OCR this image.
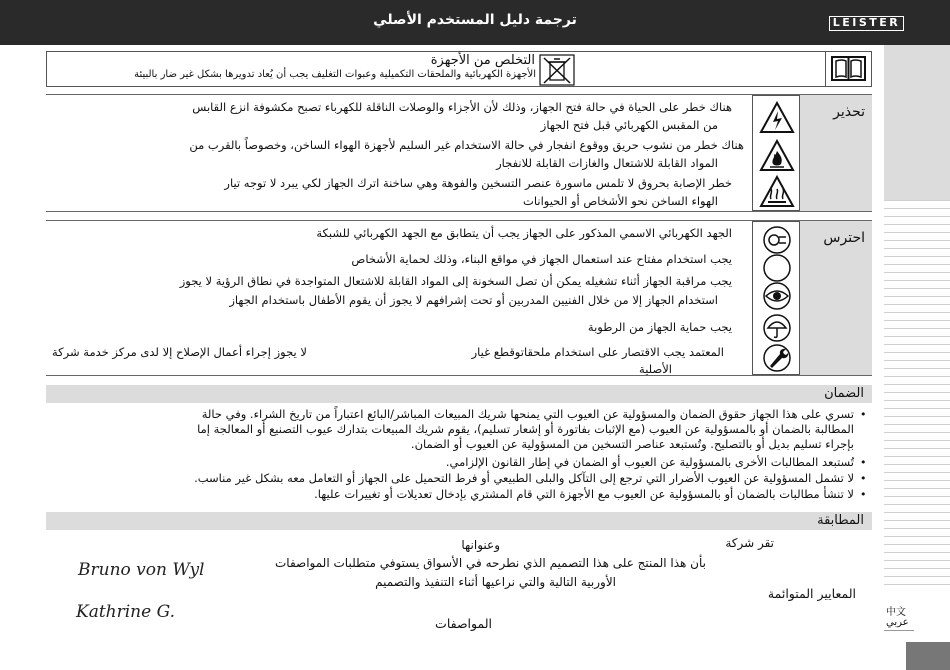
LEISTER
ترجمة دليل المستخدم الأصلي
中文
عربي
التخلص من الأجهزة
الأجهزة الكهربائية والملحقات التكميلية وعبوات التغليف يجب أن يُعاد تدويرها بشكل غير ضار بالبيئة
تحذير
هناك خطر على الحياة في حالة فتح الجهاز، وذلك لأن الأجزاء والوصلات الناقلة للكهرباء تصبح مكشوفة انزع القابس
من المقبس الكهربائي قبل فتح الجهاز
هناك خطر من نشوب حريق ووقوع انفجار في حالة الاستخدام غير السليم لأجهزة الهواء الساخن، وخصوصاً بالقرب من
المواد القابلة للاشتعال والغازات القابلة للانفجار
خطر الإصابة بحروق لا تلمس ماسورة عنصر التسخين والفوهة وهي ساخنة اترك الجهاز لكي يبرد لا توجه تيار
الهواء الساخن نحو الأشخاص أو الحيوانات
احترس
الجهد الكهربائي الاسمي المذكور على الجهاز يجب أن يتطابق مع الجهد الكهربائي للشبكة
يجب استخدام مفتاح عند استعمال الجهاز في مواقع البناء، وذلك لحماية الأشخاص
يجب مراقبة الجهاز أثناء تشغيله يمكن أن تصل السخونة إلى المواد القابلة للاشتعال المتواجدة في نطاق الرؤية لا يجوز
استخدام الجهاز إلا من خلال الفنيين المدربين أو تحت إشرافهم لا يجوز أن يقوم الأطفال باستخدام الجهاز
يجب حماية الجهاز من الرطوبة
المعتمد يجب الاقتصار على استخدام ملحقاتوقطع غيار
لا يجوز إجراء أعمال الإصلاح إلا لدى مركز خدمة شركة
الأصلية
الضمان
•
تسري على هذا الجهاز حقوق الضمان والمسؤولية عن العيوب التي يمنحها شريك المبيعات المباشر/البائع اعتباراً من تاريخ الشراء. وفي حالة
المطالبة بالضمان أو بالمسؤولية عن العيوب (مع الإثبات بفاتورة أو إشعار تسليم)، يقوم شريك المبيعات بتدارك عيوب التصنيع أو المعالجة إما
بإجراء تسليم بديل أو بالتصليح. وتُستبعد عناصر التسخين من المسؤولية عن العيوب أو الضمان.
•
تُستبعد المطالبات الأخرى بالمسؤولية عن العيوب أو الضمان في إطار القانون الإلزامي.
•
لا تشمل المسؤولية عن العيوب الأضرار التي ترجع إلى التآكل والبلى الطبيعي أو فرط التحميل على الجهاز أو التعامل معه بشكل غير مناسب.
•
لا تنشأ مطالبات بالضمان أو بالمسؤولية عن العيوب مع الأجهزة التي قام المشتري بإدخال تعديلات أو تغييرات عليها.
المطابقة
تقر شركة
وعنوانها
بأن هذا المنتج على هذا التصميم الذي نطرحه في الأسواق يستوفي متطلبات المواصفات
الأوربية التالية والتي نراعيها أثناء التنفيذ والتصميم
المعايير المتوائمة
المواصفات
Bruno von Wyl
Kathrine G.
